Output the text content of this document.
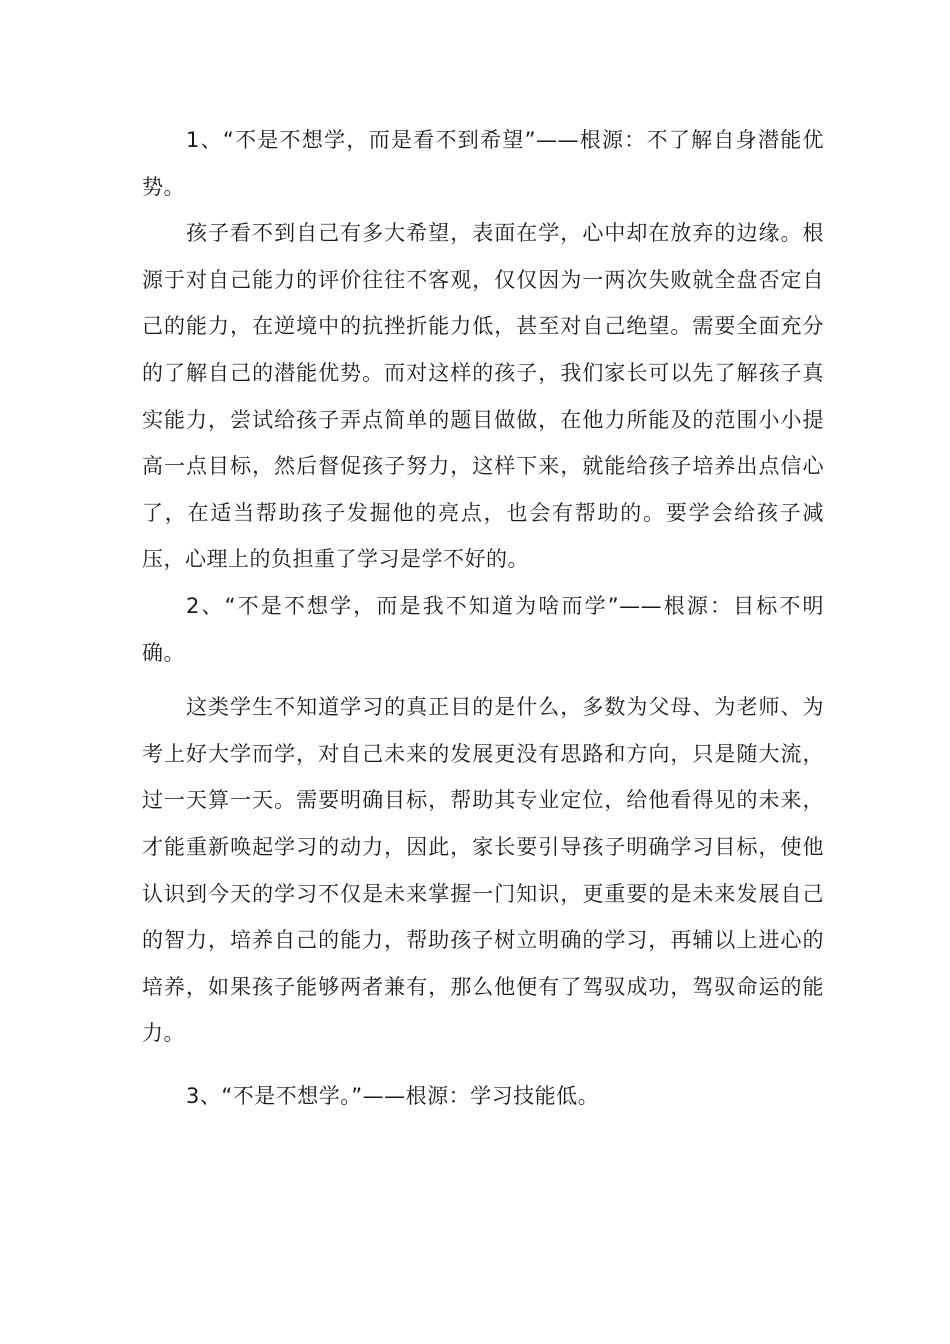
1、“不是不想学，而是看不到希望”——根源：不了解自身潜能优势。

孩子看不到自己有多大希望，表面在学，心中却在放弃的边缘。根源于对自己能力的评价往往不客观，仅仅因为一两次失败就全盘否定自己的能力，在逆境中的抗挫折能力低，甚至对自己绝望。需要全面充分的了解自己的潜能优势。而对这样的孩子，我们家长可以先了解孩子真实能力，尝试给孩子弄点简单的题目做做，在他力所能及的范围小小提高一点目标，然后督促孩子努力，这样下来，就能给孩子培养出点信心了，在适当帮助孩子发掘他的亮点，也会有帮助的。要学会给孩子减压，心理上的负担重了学习是学不好的。

2、“不是不想学，而是我不知道为啥而学”——根源：目标不明确。

这类学生不知道学习的真正目的是什么，多数为父母、为老师、为考上好大学而学，对自己未来的发展更没有思路和方向，只是随大流，过一天算一天。需要明确目标，帮助其专业定位，给他看得见的未来，才能重新唤起学习的动力，因此，家长要引导孩子明确学习目标，使他认识到今天的学习不仅是未来掌握一门知识，更重要的是未来发展自己的智力，培养自己的能力，帮助孩子树立明确的学习，再辅以上进心的培养，如果孩子能够两者兼有，那么他便有了驾驭成功，驾驭命运的能力。

3、“不是不想学。”——根源：学习技能低。
